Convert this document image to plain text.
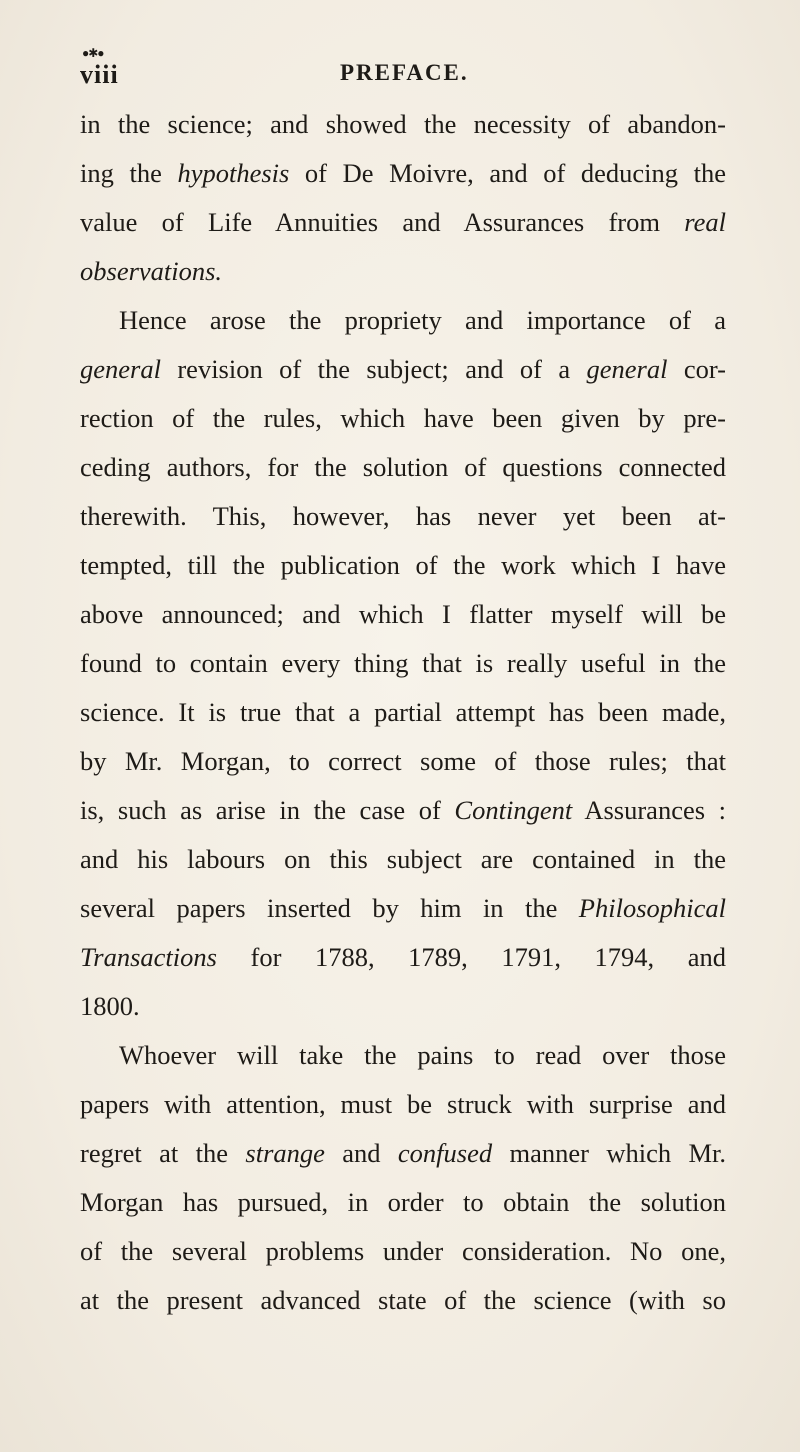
●✱●
viii	PREFACE.
in the science; and showed the necessity of abandon-
ing the hypothesis of De Moivre, and of deducing the
value of Life Annuities and Assurances from real
observations.
Hence arose the propriety and importance of a
general revision of the subject; and of a general cor-
rection of the rules, which have been given by pre-
ceding authors, for the solution of questions connected
therewith. This, however, has never yet been at-
tempted, till the publication of the work which I have
above announced; and which I flatter myself will be
found to contain every thing that is really useful in the
science. It is true that a partial attempt has been made,
by Mr. Morgan, to correct some of those rules; that
is, such as arise in the case of Contingent Assurances :
and his labours on this subject are contained in the
several papers inserted by him in the Philosophical
Transactions for 1788, 1789, 1791, 1794, and
1800.
Whoever will take the pains to read over those
papers with attention, must be struck with surprise and
regret at the strange and confused manner which Mr.
Morgan has pursued, in order to obtain the solution
of the several problems under consideration. No one,
at the present advanced state of the science (with so
